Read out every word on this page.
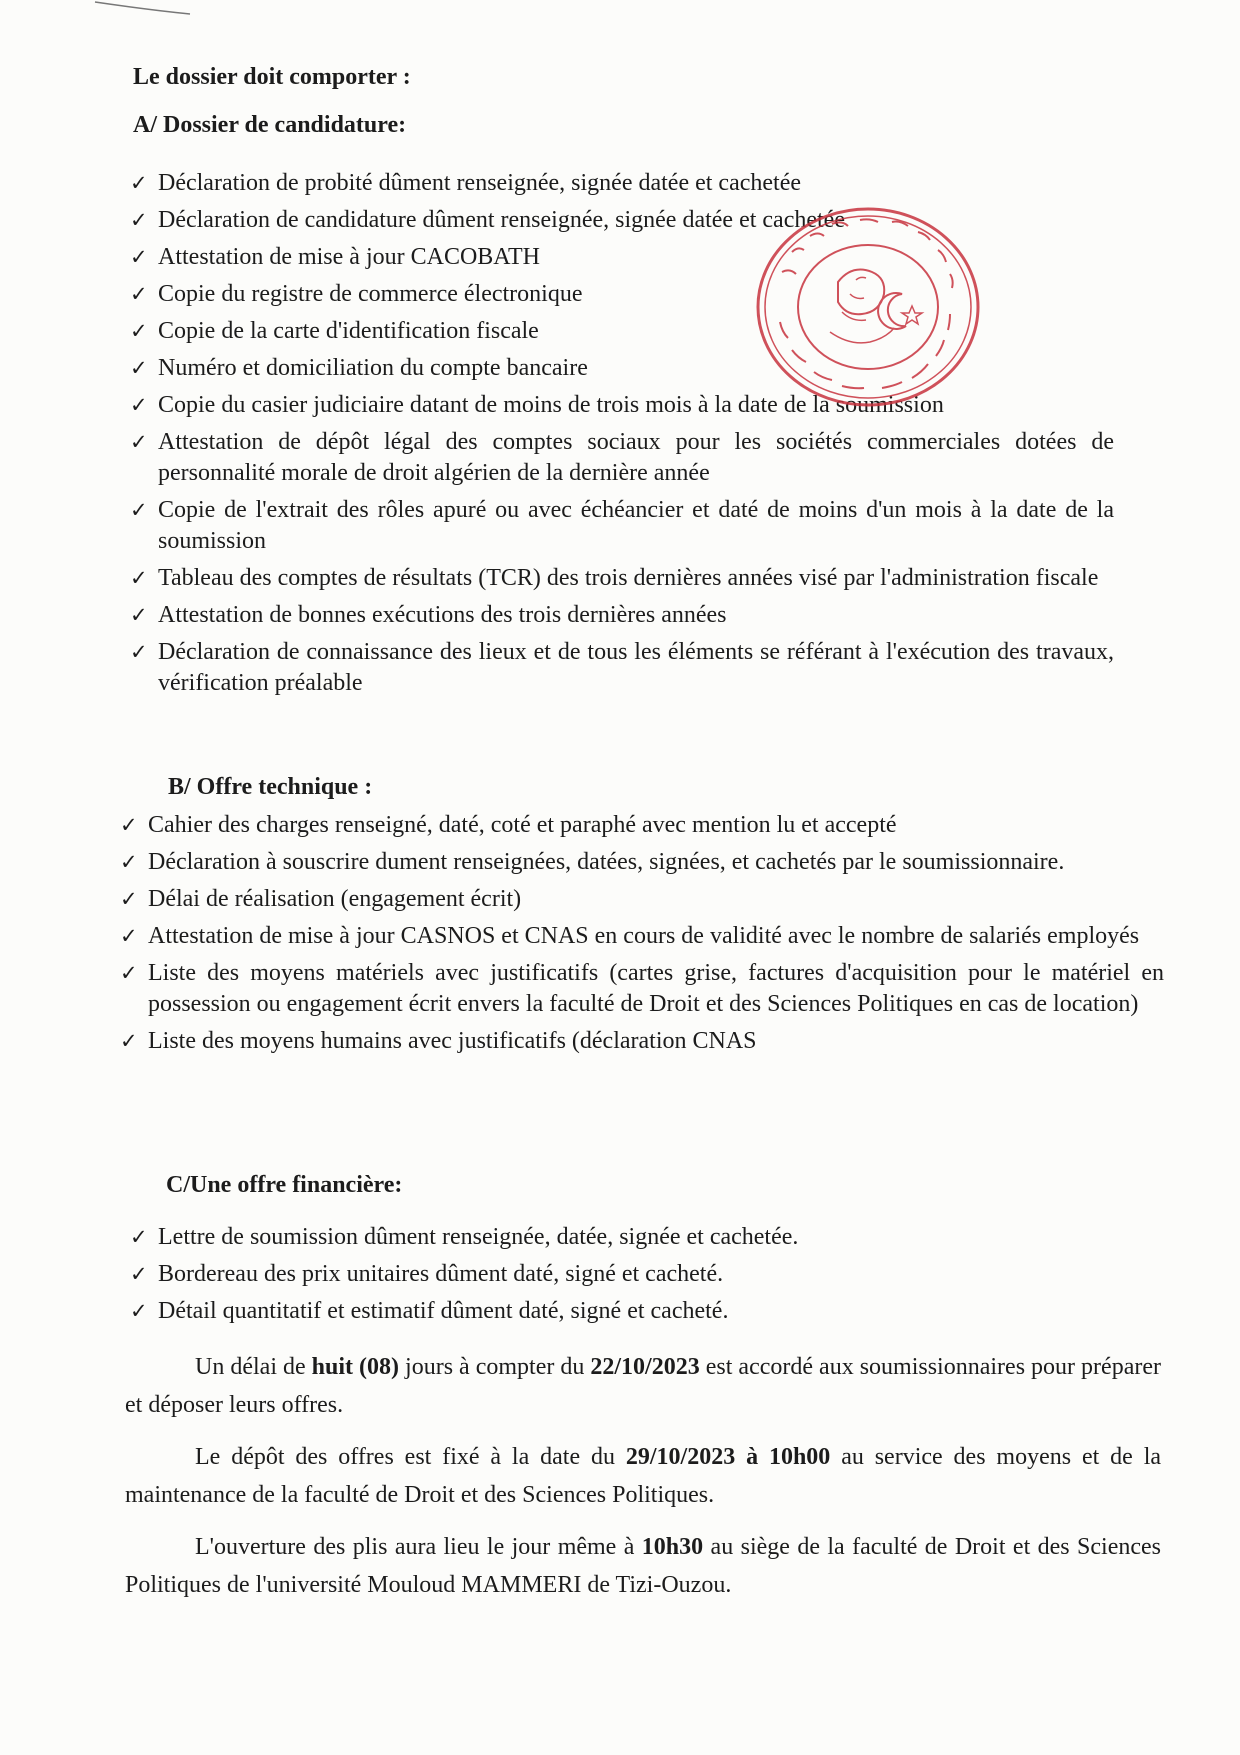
Le dossier doit comporter :
A/ Dossier de candidature:
✓ Déclaration de probité dûment renseignée, signée datée et cachetée
✓ Déclaration de candidature dûment renseignée, signée datée et cachetée
✓ Attestation de mise à jour CACOBATH
✓ Copie du registre de commerce électronique
✓ Copie de la carte d'identification fiscale
✓ Numéro et domiciliation du compte bancaire
✓ Copie du casier judiciaire datant de moins de trois mois à la date de la soumission
✓ Attestation de dépôt légal des comptes sociaux pour les sociétés commerciales dotées de personnalité morale de droit algérien de la dernière année
✓ Copie de l'extrait des rôles apuré ou avec échéancier et daté de moins d'un mois à la date de la soumission
✓ Tableau des comptes de résultats (TCR) des trois dernières années visé par l'administration fiscale
✓ Attestation de bonnes exécutions des trois dernières années
✓ Déclaration de connaissance des lieux et de tous les éléments se référant à l'exécution des travaux, vérification préalable
B/ Offre technique :
✓ Cahier des charges renseigné, daté, coté et paraphé avec mention lu et accepté
✓ Déclaration à souscrire dument renseignées, datées, signées, et cachetés par le soumissionnaire.
✓ Délai de réalisation (engagement écrit)
✓ Attestation de mise à jour CASNOS et CNAS en cours de validité avec le nombre de salariés employés
✓ Liste des moyens matériels avec justificatifs (cartes grise, factures d'acquisition pour le matériel en possession ou engagement écrit envers la faculté de Droit et des Sciences Politiques en cas de location)
✓ Liste des moyens humains avec justificatifs (déclaration CNAS
C/Une offre financière:
✓ Lettre de soumission dûment renseignée, datée, signée et cachetée.
✓ Bordereau des prix unitaires dûment daté, signé et cacheté.
✓ Détail quantitatif et estimatif dûment daté, signé et cacheté.

Un délai de huit (08) jours à compter du 22/10/2023 est accordé aux soumissionnaires pour préparer et déposer leurs offres.

Le dépôt des offres est fixé à la date du 29/10/2023 à 10h00 au service des moyens et de la maintenance de la faculté de Droit et des Sciences Politiques.

L'ouverture des plis aura lieu le jour même à 10h30 au siège de la faculté de Droit et des Sciences Politiques de l'université Mouloud MAMMERI de Tizi-Ouzou.
